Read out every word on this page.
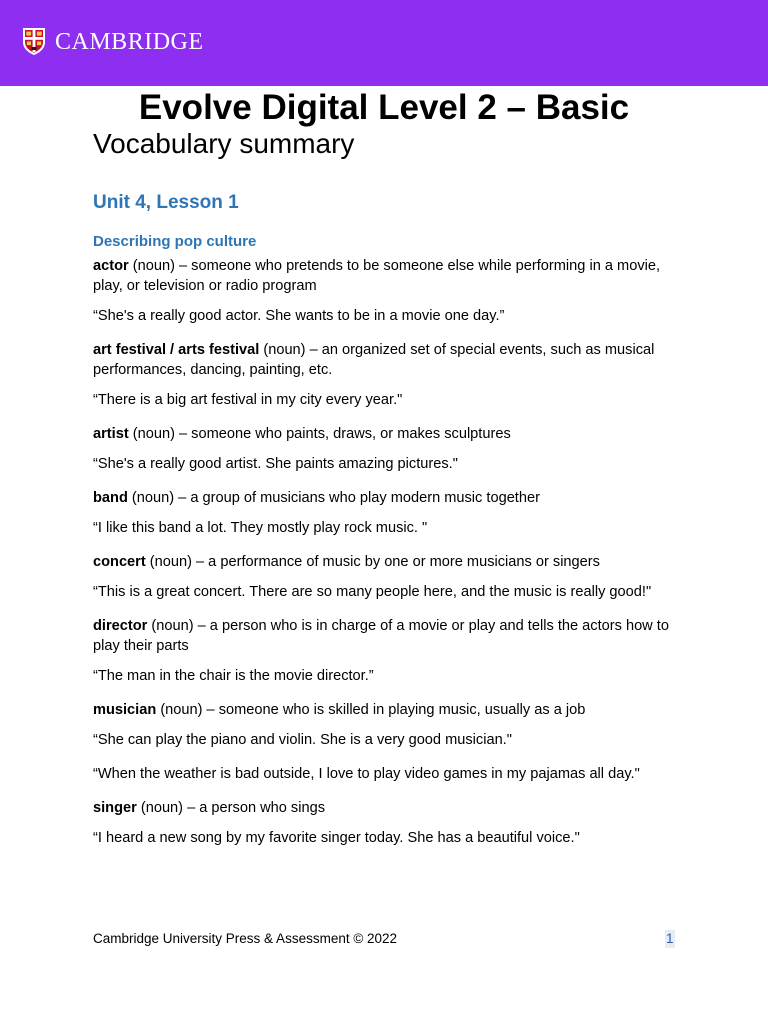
CAMBRIDGE
Evolve Digital Level 2 – Basic
Vocabulary summary
Unit 4, Lesson 1
Describing pop culture

actor (noun) – someone who pretends to be someone else while performing in a movie, play, or television or radio program

“She's a really good actor. She wants to be in a movie one day.”

art festival / arts festival (noun) – an organized set of special events, such as musical performances, dancing, painting, etc.

“There is a big art festival in my city every year."

artist (noun) – someone who paints, draws, or makes sculptures

“She's a really good artist. She paints amazing pictures."

band (noun) – a group of musicians who play modern music together

“I like this band a lot. They mostly play rock music. "

concert (noun) – a performance of music by one or more musicians or singers

“This is a great concert. There are so many people here, and the music is really good!"

director (noun) – a person who is in charge of a movie or play and tells the actors how to play their parts

“The man in the chair is the movie director.”

musician (noun) – someone who is skilled in playing music, usually as a job

“She can play the piano and violin. She is a very good musician."

“When the weather is bad outside, I love to play video games in my pajamas all day."

singer (noun) – a person who sings

“I heard a new song by my favorite singer today. She has a beautiful voice."

Cambridge University Press & Assessment © 2022	1
